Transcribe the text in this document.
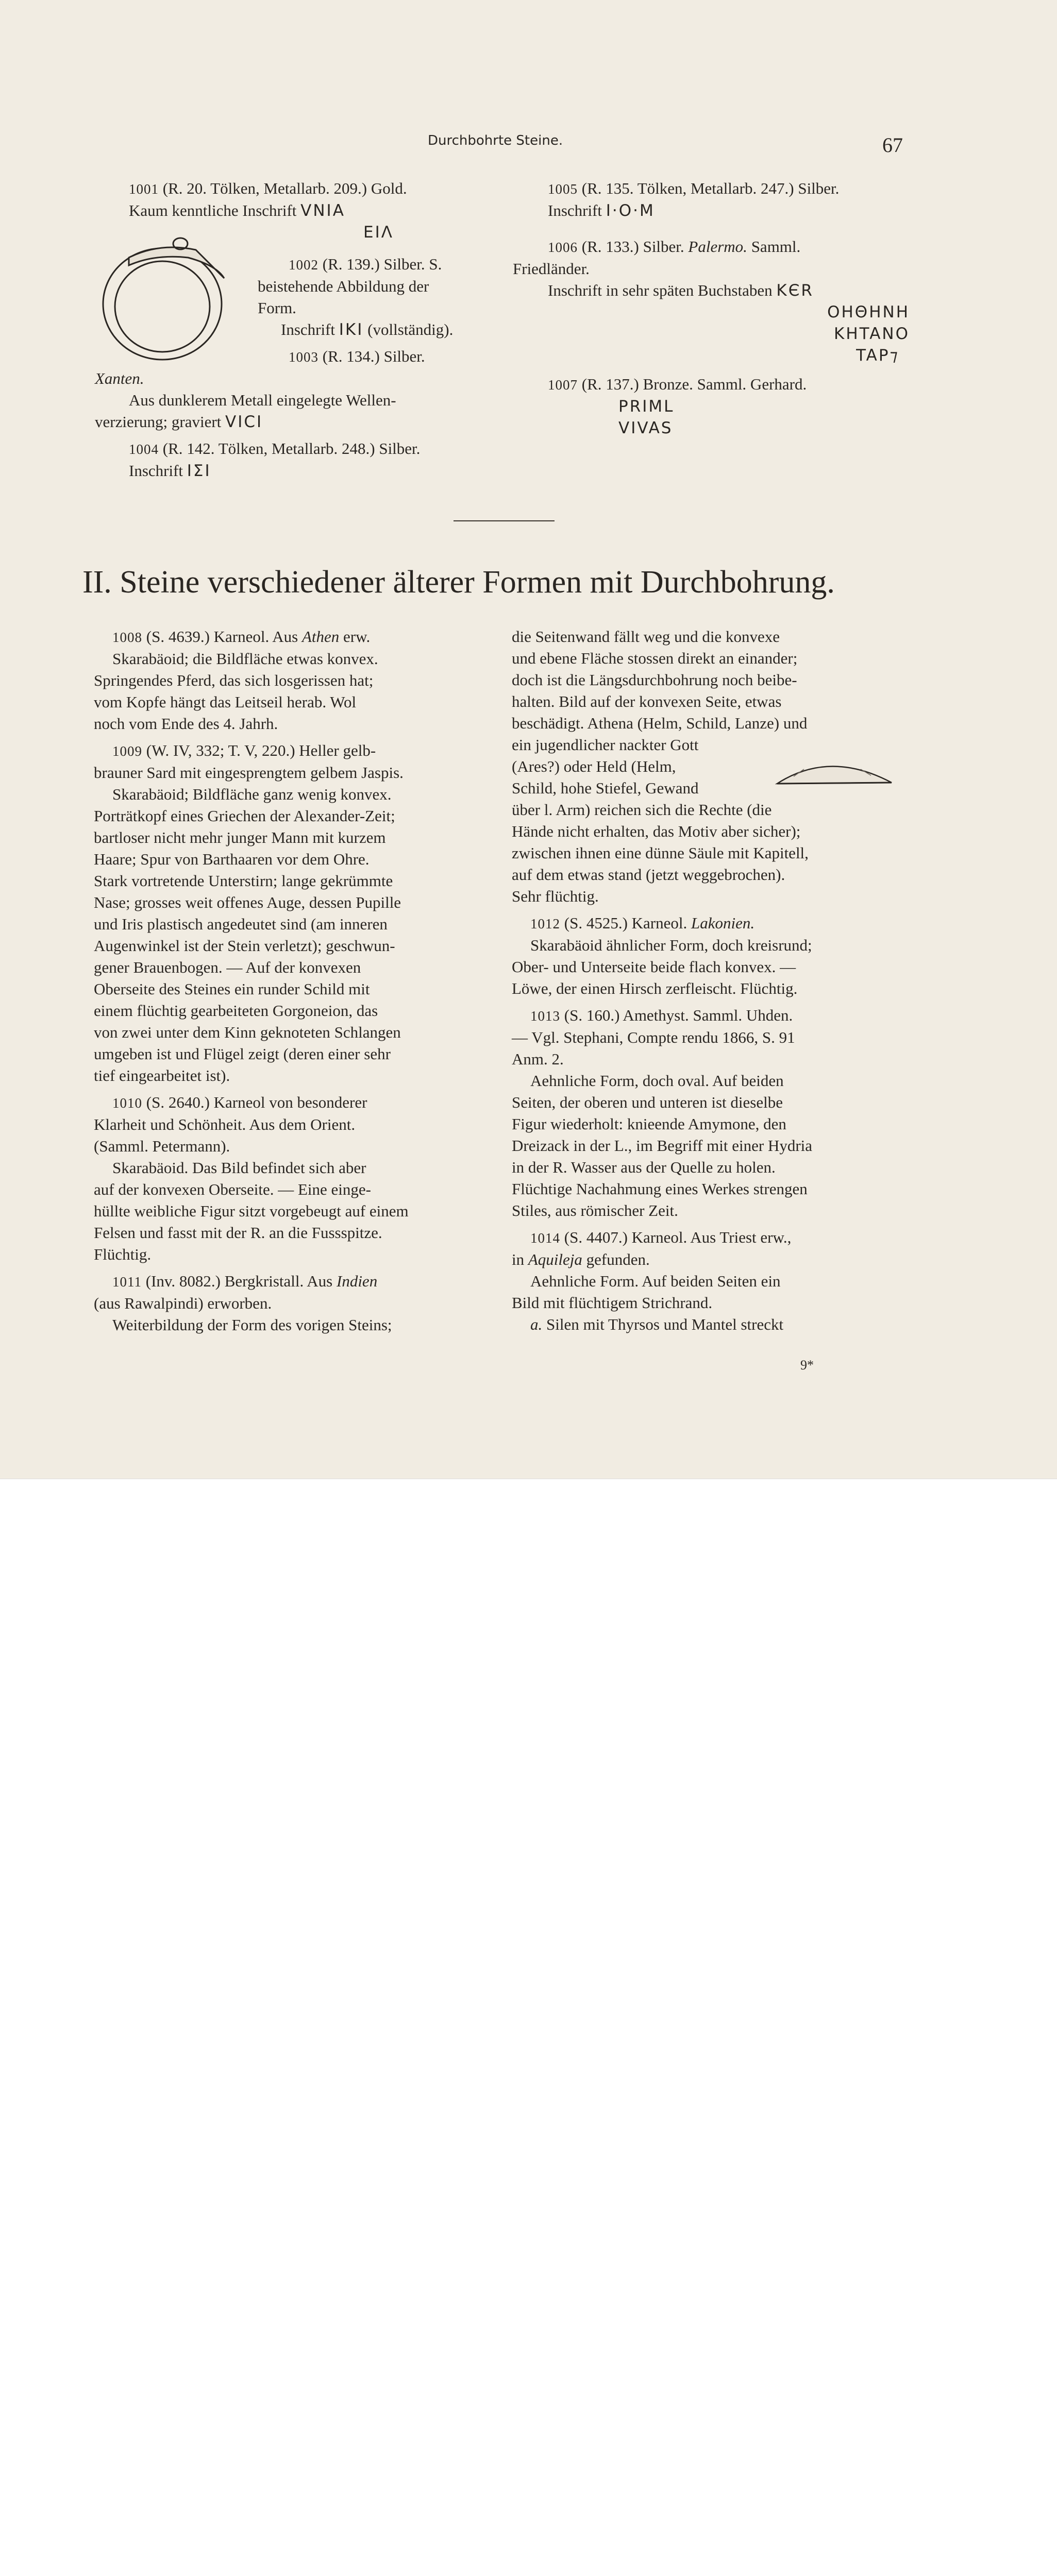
Durchbohrte Steine.	67

1001 (R. 20. Tölken, Metallarb. 209.) Gold.

Kaum kenntliche Inschrift VNIA

EIΛ

1002 (R. 139.) Silber. S.

beistehende Abbildung der

Form.

Inschrift IKI (vollständig).

1003 (R. 134.) Silber.

Xanten.

Aus dunklerem Metall eingelegte Wellen-

verzierung; graviert VICI

1004 (R. 142. Tölken, Metallarb. 248.) Silber.

Inschrift IΣI

1005 (R. 135. Tölken, Metallarb. 247.) Silber.

Inschrift I·O·M

1006 (R. 133.) Silber. Palermo. Samml.

Friedländer.

Inschrift in sehr späten Buchstaben KЄR

OHΘHNH

KHTANO

TAP⁊

1007 (R. 137.) Bronze. Samml. Gerhard.

PRIML

VIVAS

II. Steine verschiedener älterer Formen mit Durchbohrung.

1008 (S. 4639.) Karneol. Aus Athen erw.

Skarabäoid; die Bildfläche etwas konvex.

Springendes Pferd, das sich losgerissen hat;

vom Kopfe hängt das Leitseil herab. Wol

noch vom Ende des 4. Jahrh.

1009 (W. IV, 332; T. V, 220.) Heller gelb-

brauner Sard mit eingesprengtem gelbem Jaspis.

Skarabäoid; Bildfläche ganz wenig konvex.

Porträtkopf eines Griechen der Alexander-Zeit;

bartloser nicht mehr junger Mann mit kurzem

Haare; Spur von Barthaaren vor dem Ohre.

Stark vortretende Unterstirn; lange gekrümmte

Nase; grosses weit offenes Auge, dessen Pupille

und Iris plastisch angedeutet sind (am inneren

Augenwinkel ist der Stein verletzt); geschwun-

gener Brauenbogen. — Auf der konvexen

Oberseite des Steines ein runder Schild mit

einem flüchtig gearbeiteten Gorgoneion, das

von zwei unter dem Kinn geknoteten Schlangen

umgeben ist und Flügel zeigt (deren einer sehr

tief eingearbeitet ist).

1010 (S. 2640.) Karneol von besonderer

Klarheit und Schönheit. Aus dem Orient.

(Samml. Petermann).

Skarabäoid. Das Bild befindet sich aber

auf der konvexen Oberseite. — Eine einge-

hüllte weibliche Figur sitzt vorgebeugt auf einem

Felsen und fasst mit der R. an die Fussspitze.

Flüchtig.

1011 (Inv. 8082.) Bergkristall. Aus Indien

(aus Rawalpindi) erworben.

Weiterbildung der Form des vorigen Steins;

die Seitenwand fällt weg und die konvexe

und ebene Fläche stossen direkt an einander;

doch ist die Längsdurchbohrung noch beibe-

halten. Bild auf der konvexen Seite, etwas

beschädigt. Athena (Helm, Schild, Lanze) und

ein jugendlicher nackter Gott

(Ares?) oder Held (Helm,

Schild, hohe Stiefel, Gewand

über l. Arm) reichen sich die Rechte (die

Hände nicht erhalten, das Motiv aber sicher);

zwischen ihnen eine dünne Säule mit Kapitell,

auf dem etwas stand (jetzt weggebrochen).

Sehr flüchtig.

1012 (S. 4525.) Karneol. Lakonien.

Skarabäoid ähnlicher Form, doch kreisrund;

Ober- und Unterseite beide flach konvex. —

Löwe, der einen Hirsch zerfleischt. Flüchtig.

1013 (S. 160.) Amethyst. Samml. Uhden.

— Vgl. Stephani, Compte rendu 1866, S. 91

Anm. 2.

Aehnliche Form, doch oval. Auf beiden

Seiten, der oberen und unteren ist dieselbe

Figur wiederholt: knieende Amymone, den

Dreizack in der L., im Begriff mit einer Hydria

in der R. Wasser aus der Quelle zu holen.

Flüchtige Nachahmung eines Werkes strengen

Stiles, aus römischer Zeit.

1014 (S. 4407.) Karneol. Aus Triest erw.,

in Aquileja gefunden.

Aehnliche Form. Auf beiden Seiten ein

Bild mit flüchtigem Strichrand.

a. Silen mit Thyrsos und Mantel streckt

9*
